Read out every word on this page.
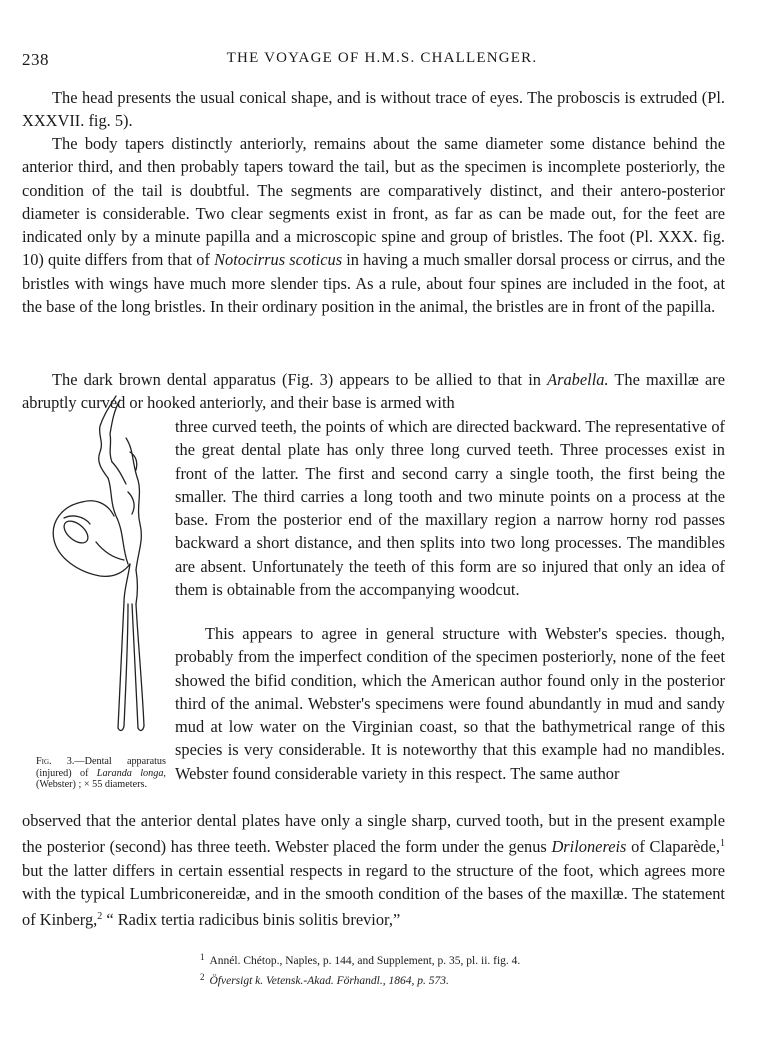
238	THE VOYAGE OF H.M.S. CHALLENGER.

The head presents the usual conical shape, and is without trace of eyes. The proboscis is extruded (Pl. XXXVII. fig. 5).

The body tapers distinctly anteriorly, remains about the same diameter some distance behind the anterior third, and then probably tapers toward the tail, but as the specimen is incomplete posteriorly, the condition of the tail is doubtful. The segments are comparatively distinct, and their antero-posterior diameter is considerable. Two clear segments exist in front, as far as can be made out, for the feet are indicated only by a minute papilla and a microscopic spine and group of bristles. The foot (Pl. XXX. fig. 10) quite differs from that of Notocirrus scoticus in having a much smaller dorsal process or cirrus, and the bristles with wings have much more slender tips. As a rule, about four spines are included in the foot, at the base of the long bristles. In their ordinary position in the animal, the bristles are in front of the papilla.

The dark brown dental apparatus (Fig. 3) appears to be allied to that in Arabella. The maxillæ are abruptly curved or hooked anteriorly, and their base is armed with

three curved teeth, the points of which are directed backward. The representative of the great dental plate has only three long curved teeth. Three processes exist in front of the latter. The first and second carry a single tooth, the first being the smaller. The third carries a long tooth and two minute points on a process at the base. From the posterior end of the maxillary region a narrow horny rod passes backward a short distance, and then splits into two long processes. The mandibles are absent. Unfortunately the teeth of this form are so injured that only an idea of them is obtainable from the accompanying woodcut.

Fig. 3.—Dental apparatus (injured) of Laranda longa, (Webster) ; × 55 diameters.

This appears to agree in general structure with Webster's species. though, probably from the imperfect condition of the specimen posteriorly, none of the feet showed the bifid condition, which the American author found only in the posterior third of the animal. Webster's specimens were found abundantly in mud and sandy mud at low water on the Virginian coast, so that the bathymetrical range of this species is very considerable. It is noteworthy that this example had no mandibles. Webster found considerable variety in this respect. The same author

observed that the anterior dental plates have only a single sharp, curved tooth, but in the present example the posterior (second) has three teeth. Webster placed the form under the genus Drilonereis of Claparède,$^1$ but the latter differs in certain essential respects in regard to the structure of the foot, which agrees more with the typical Lumbriconereidæ, and in the smooth condition of the bases of the maxillæ. The statement of Kinberg,$^2$ “ Radix tertia radicibus binis solitis brevior,”

$^1$ Annél. Chétop., Naples, p. 144, and Supplement, p. 35, pl. ii. fig. 4.

$^2$ Öfversigt k. Vetensk.-Akad. Förhandl., 1864, p. 573.
